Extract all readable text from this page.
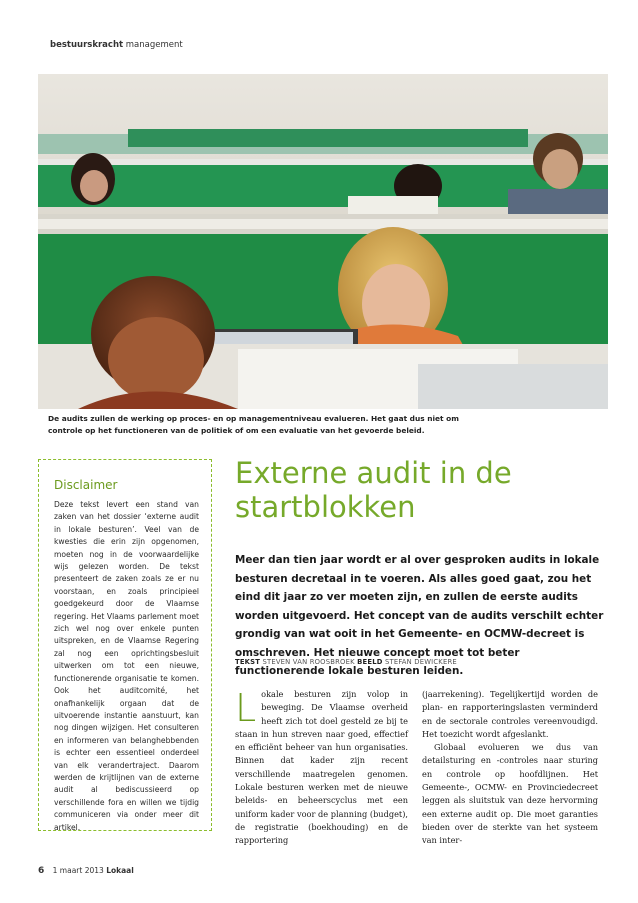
bestuurskracht management
De audits zullen de werking op proces- en op managementniveau evalueren. Het gaat dus niet om controle op het functioneren van de politiek of om een evaluatie van het gevoerde beleid.
Disclaimer
Deze tekst levert een stand van zaken van het dossier ‘externe audit in lokale besturen’. Veel van de kwesties die erin zijn opgenomen, moeten nog in de voorwaardelijke wijs gelezen worden. De tekst presenteert de zaken zoals ze er nu voorstaan, en zoals principieel goedgekeurd door de Vlaamse regering. Het Vlaams parlement moet zich wel nog over enkele punten uitspreken, en de Vlaamse Regering zal nog een oprichtingsbesluit uitwerken om tot een nieuwe, functionerende organisatie te komen. Ook het auditcomité, het onafhankelijk orgaan dat de uitvoerende instantie aanstuurt, kan nog dingen wijzigen. Het consulteren en informeren van belanghebbenden is echter een essentieel onderdeel van elk verandertraject. Daarom werden de krijtlijnen van de externe audit al bediscussieerd op verschillende fora en willen we tijdig communiceren via onder meer dit artikel.
Externe audit in de startblokken
Meer dan tien jaar wordt er al over gesproken audits in lokale besturen decretaal in te voeren. Als alles goed gaat, zou het eind dit jaar zo ver moeten zijn, en zullen de eerste audits worden uitgevoerd. Het concept van de audits verschilt echter grondig van wat ooit in het Gemeente- en OCMW-decreet is omschreven. Het nieuwe concept moet tot beter functionerende lokale besturen leiden.
TEKST STEVEN VAN ROOSBROEK BEELD STEFAN DEWICKERE
Lokale besturen zijn volop in beweging. De Vlaamse overheid heeft zich tot doel gesteld ze bij te staan in hun streven naar goed, effectief en efficiënt beheer van hun organisaties. Binnen dat kader zijn recent verschillende maatregelen genomen. Lokale besturen werken met de nieuwe beleids- en beheerscyclus met een uniform kader voor de planning (budget), de registratie (boekhouding) en de rapportering
(jaarrekening). Tegelijkertijd worden de plan- en rapporteringslasten verminderd en de sectorale controles vereenvoudigd. Het toezicht wordt afgeslankt.
Globaal evolueren we dus van detailsturing en -controles naar sturing en controle op hoofdlijnen. Het Gemeente-, OCMW- en Provinciedecreet leggen als sluitstuk van deze hervorming een externe audit op. Die moet garanties bieden over de sterkte van het systeem van inter-
6 1 maart 2013 Lokaal
